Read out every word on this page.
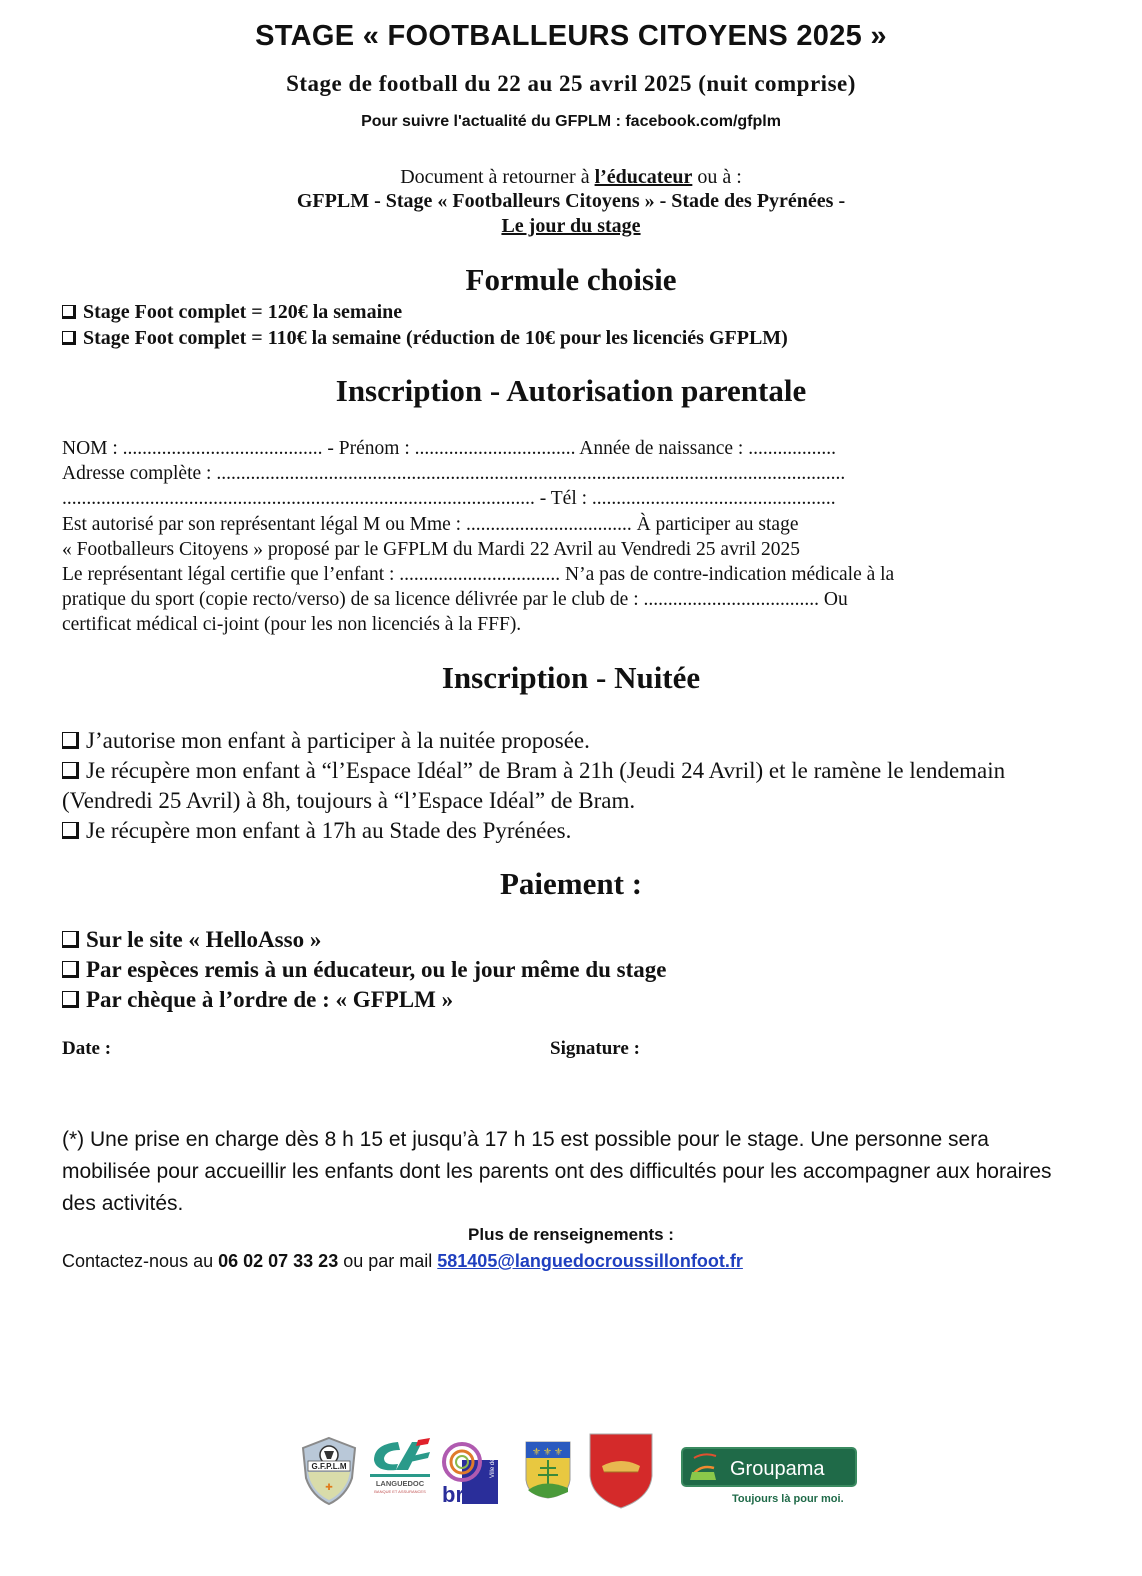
STAGE « FOOTBALLEURS CITOYENS 2025 »
Stage de football du 22 au 25 avril 2025 (nuit comprise)
Pour suivre l'actualité du GFPLM : facebook.com/gfplm
Document à retourner à l’éducateur ou à :
GFPLM - Stage « Footballeurs Citoyens » - Stade des Pyrénées -
Le jour du stage
Formule choisie
Stage Foot complet = 120€ la semaine
Stage Foot complet = 110€ la semaine (réduction de 10€ pour les licenciés GFPLM)
Inscription - Autorisation parentale
NOM : ......................................... - Prénom : ................................. Année de naissance : ..................
Adresse complète : .................................................................................................................................
................................................................................................. - Tél : ..................................................
Est autorisé par son représentant légal M ou Mme : .................................. À participer au stage
« Footballeurs Citoyens » proposé par le GFPLM du Mardi 22 Avril au Vendredi 25 avril 2025
Le représentant légal certifie que l’enfant : ................................. N’a pas de contre-indication médicale à la
pratique du sport (copie recto/verso) de sa licence délivrée par le club de : .................................... Ou
certificat médical ci-joint (pour les non licenciés à la FFF).
Inscription - Nuitée
J’autorise mon enfant à participer à la nuitée proposée.
Je récupère mon enfant à “l’Espace Idéal” de Bram à 21h (Jeudi 24 Avril) et le ramène le lendemain (Vendredi 25 Avril) à 8h, toujours à “l’Espace Idéal” de Bram.
Je récupère mon enfant à 17h au Stade des Pyrénées.
Paiement :
Sur le site « HelloAsso »
Par espèces remis à un éducateur, ou le jour même du stage
Par chèque à l’ordre de : « GFPLM »
Date :	Signature :
(*) Une prise en charge dès 8 h 15 et jusqu’à 17 h 15 est possible pour le stage. Une personne sera mobilisée pour accueillir les enfants dont les parents ont des difficultés pour les accompagner aux horaires des activités.
Plus de renseignements :
Contactez-nous au 06 02 07 33 23 ou par mail 581405@languedocroussillonfoot.fr
G.F.P.L.M
✚	LANGUEDOC
BANQUE ET ASSURANCES bram
Ville de
⚜ ⚜ ⚜
Groupama
Toujours là pour moi.
